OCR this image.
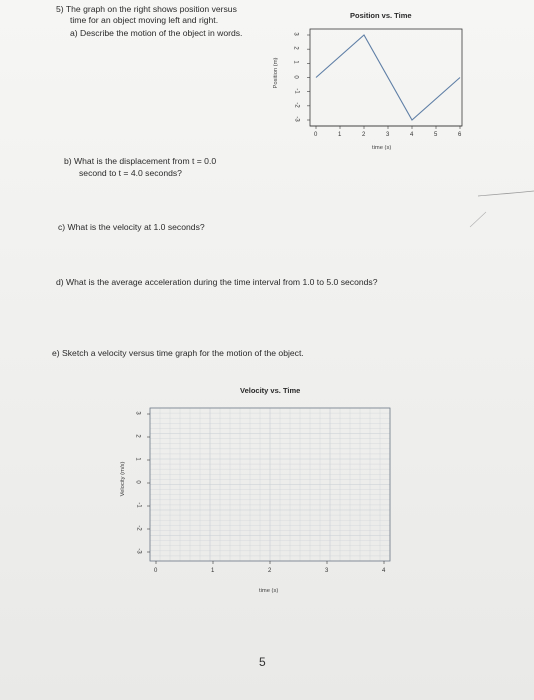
5) The graph on the right shows position versus
time for an object moving left and right.
a) Describe the motion of the object in words.
b) What is the displacement from t = 0.0
second to t = 4.0 seconds?
c) What is the velocity at 1.0 seconds?
d) What is the average acceleration during the time interval from 1.0 to 5.0 seconds?
e) Sketch a velocity versus time graph for the motion of the object.
Position vs. Time
0	1	2	3	4	5	6
3
2
1
0
-1
-2
-3
Position (m)
time (s)
Velocity vs. Time
0	1	2	3	4
3
2
1
0
-1
-2
-3
Velocity (m/s)
time (s)
5
